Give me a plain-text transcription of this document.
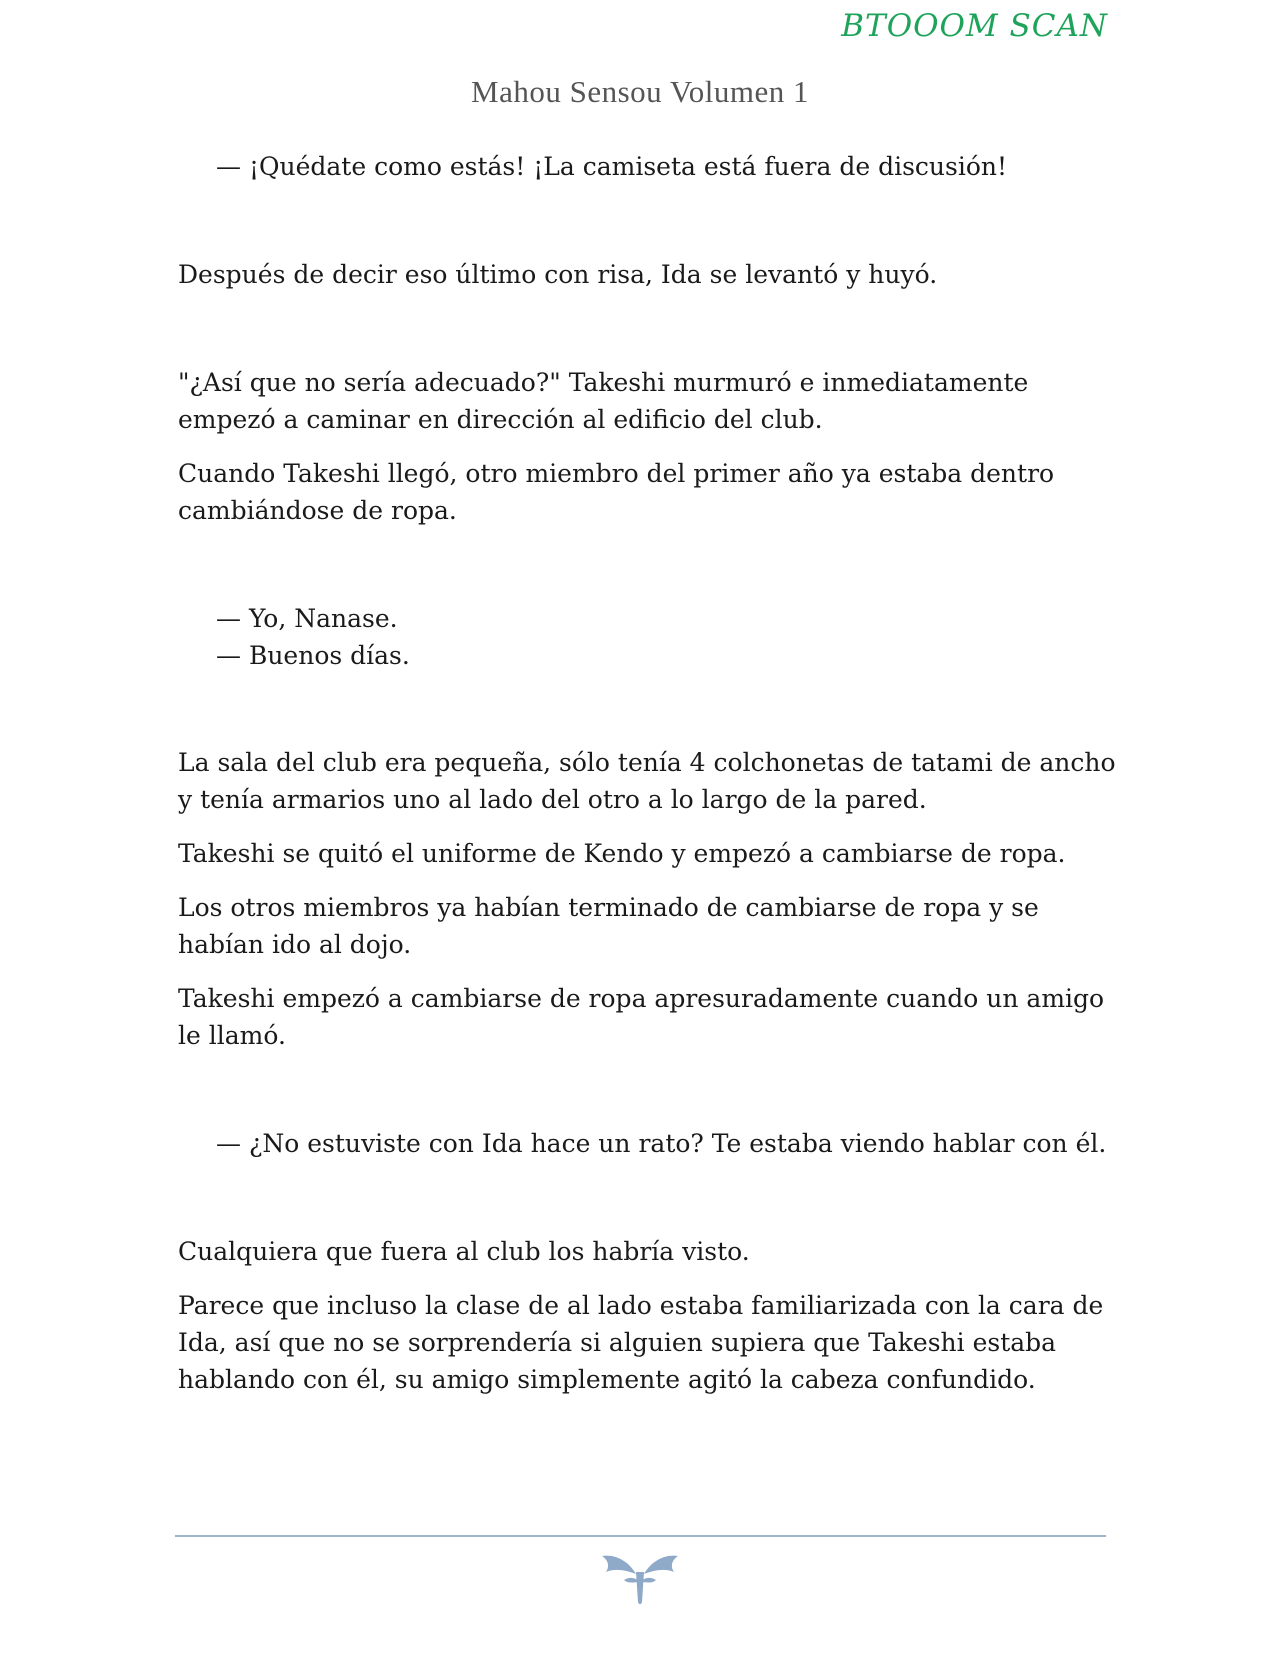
BTOOOM SCAN
Mahou Sensou Volumen 1
— ¡Quédate como estás! ¡La camiseta está fuera de discusión!
Después de decir eso último con risa, Ida se levantó y huyó.
"¿Así que no sería adecuado?" Takeshi murmuró e inmediatamente
empezó a caminar en dirección al edificio del club.
Cuando Takeshi llegó, otro miembro del primer año ya estaba dentro
cambiándose de ropa.
— Yo, Nanase.
— Buenos días.
La sala del club era pequeña, sólo tenía 4 colchonetas de tatami de ancho
y tenía armarios uno al lado del otro a lo largo de la pared.
Takeshi se quitó el uniforme de Kendo y empezó a cambiarse de ropa.
Los otros miembros ya habían terminado de cambiarse de ropa y se
habían ido al dojo.
Takeshi empezó a cambiarse de ropa apresuradamente cuando un amigo
le llamó.
— ¿No estuviste con Ida hace un rato? Te estaba viendo hablar con él.
Cualquiera que fuera al club los habría visto.
Parece que incluso la clase de al lado estaba familiarizada con la cara de
Ida, así que no se sorprendería si alguien supiera que Takeshi estaba
hablando con él, su amigo simplemente agitó la cabeza confundido.
